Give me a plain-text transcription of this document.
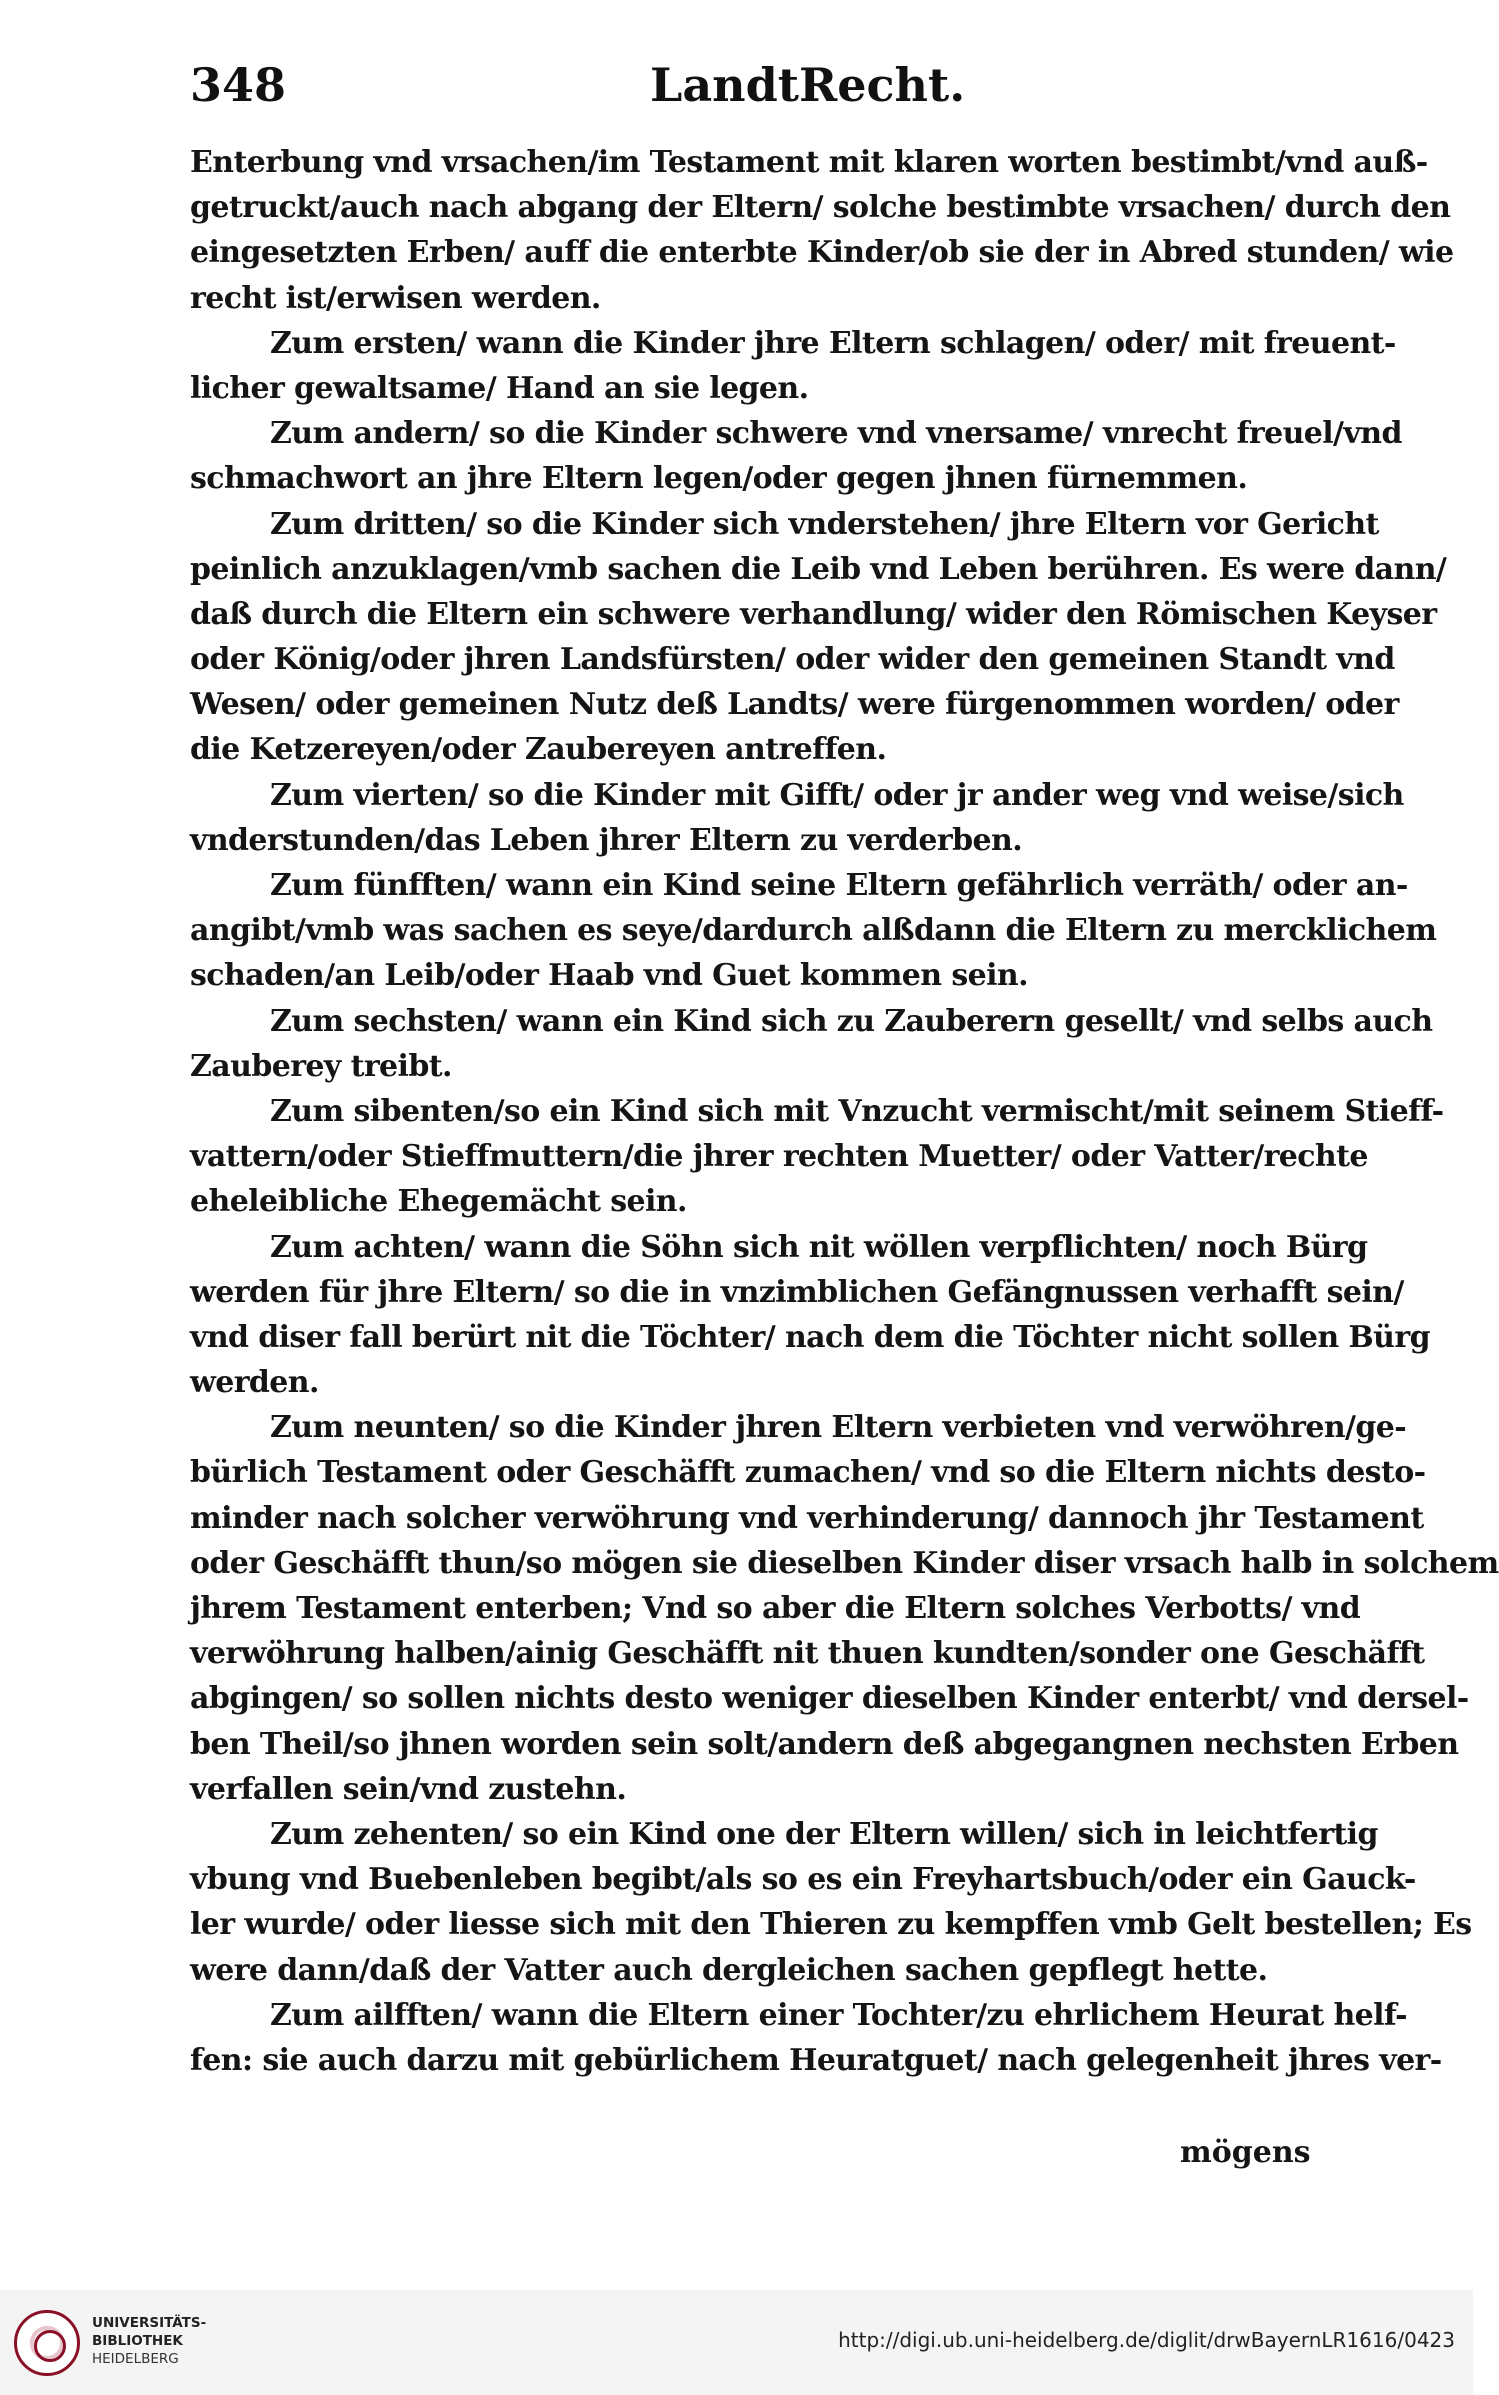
348	LandtRecht.
Enterbung vnd vrsachen/im Testament mit klaren worten bestimbt/vnd auß-
getruckt/auch nach abgang der Eltern/ solche bestimbte vrsachen/ durch den
eingesetzten Erben/ auff die enterbte Kinder/ob sie der in Abred stunden/ wie
recht ist/erwisen werden.
Zum ersten/ wann die Kinder jhre Eltern schlagen/ oder/ mit freuent-
licher gewaltsame/ Hand an sie legen.
Zum andern/ so die Kinder schwere vnd vnersame/ vnrecht freuel/vnd
schmachwort an jhre Eltern legen/oder gegen jhnen fürnemmen.
Zum dritten/ so die Kinder sich vnderstehen/ jhre Eltern vor Gericht
peinlich anzuklagen/vmb sachen die Leib vnd Leben berühren. Es were dann/
daß durch die Eltern ein schwere verhandlung/ wider den Römischen Keyser
oder König/oder jhren Landsfürsten/ oder wider den gemeinen Standt vnd
Wesen/ oder gemeinen Nutz deß Landts/ were fürgenommen worden/ oder
die Ketzereyen/oder Zaubereyen antreffen.
Zum vierten/ so die Kinder mit Gifft/ oder jr ander weg vnd weise/sich
vnderstunden/das Leben jhrer Eltern zu verderben.
Zum fünfften/ wann ein Kind seine Eltern gefährlich verräth/ oder an-
angibt/vmb was sachen es seye/dardurch alßdann die Eltern zu mercklichem
schaden/an Leib/oder Haab vnd Guet kommen sein.
Zum sechsten/ wann ein Kind sich zu Zauberern gesellt/ vnd selbs auch
Zauberey treibt.
Zum sibenten/so ein Kind sich mit Vnzucht vermischt/mit seinem Stieff-
vattern/oder Stieffmuttern/die jhrer rechten Muetter/ oder Vatter/rechte
eheleibliche Ehegemächt sein.
Zum achten/ wann die Söhn sich nit wöllen verpflichten/ noch Bürg
werden für jhre Eltern/ so die in vnzimblichen Gefängnussen verhafft sein/
vnd diser fall berürt nit die Töchter/ nach dem die Töchter nicht sollen Bürg
werden.
Zum neunten/ so die Kinder jhren Eltern verbieten vnd verwöhren/ge-
bürlich Testament oder Geschäfft zumachen/ vnd so die Eltern nichts desto-
minder nach solcher verwöhrung vnd verhinderung/ dannoch jhr Testament
oder Geschäfft thun/so mögen sie dieselben Kinder diser vrsach halb in solchem
jhrem Testament enterben; Vnd so aber die Eltern solches Verbotts/ vnd
verwöhrung halben/ainig Geschäfft nit thuen kundten/sonder one Geschäfft
abgingen/ so sollen nichts desto weniger dieselben Kinder enterbt/ vnd dersel-
ben Theil/so jhnen worden sein solt/andern deß abgegangnen nechsten Erben
verfallen sein/vnd zustehn.
Zum zehenten/ so ein Kind one der Eltern willen/ sich in leichtfertig
vbung vnd Buebenleben begibt/als so es ein Freyhartsbuch/oder ein Gauck-
ler wurde/ oder liesse sich mit den Thieren zu kempffen vmb Gelt bestellen; Es
were dann/daß der Vatter auch dergleichen sachen gepflegt hette.
Zum ailfften/ wann die Eltern einer Tochter/zu ehrlichem Heurat helf-
fen: sie auch darzu mit gebürlichem Heuratguet/ nach gelegenheit jhres ver-
mögens
UNIVERSITÄTS-
BIBLIOTHEK
HEIDELBERG
http://digi.ub.uni-heidelberg.de/diglit/drwBayernLR1616/0423
